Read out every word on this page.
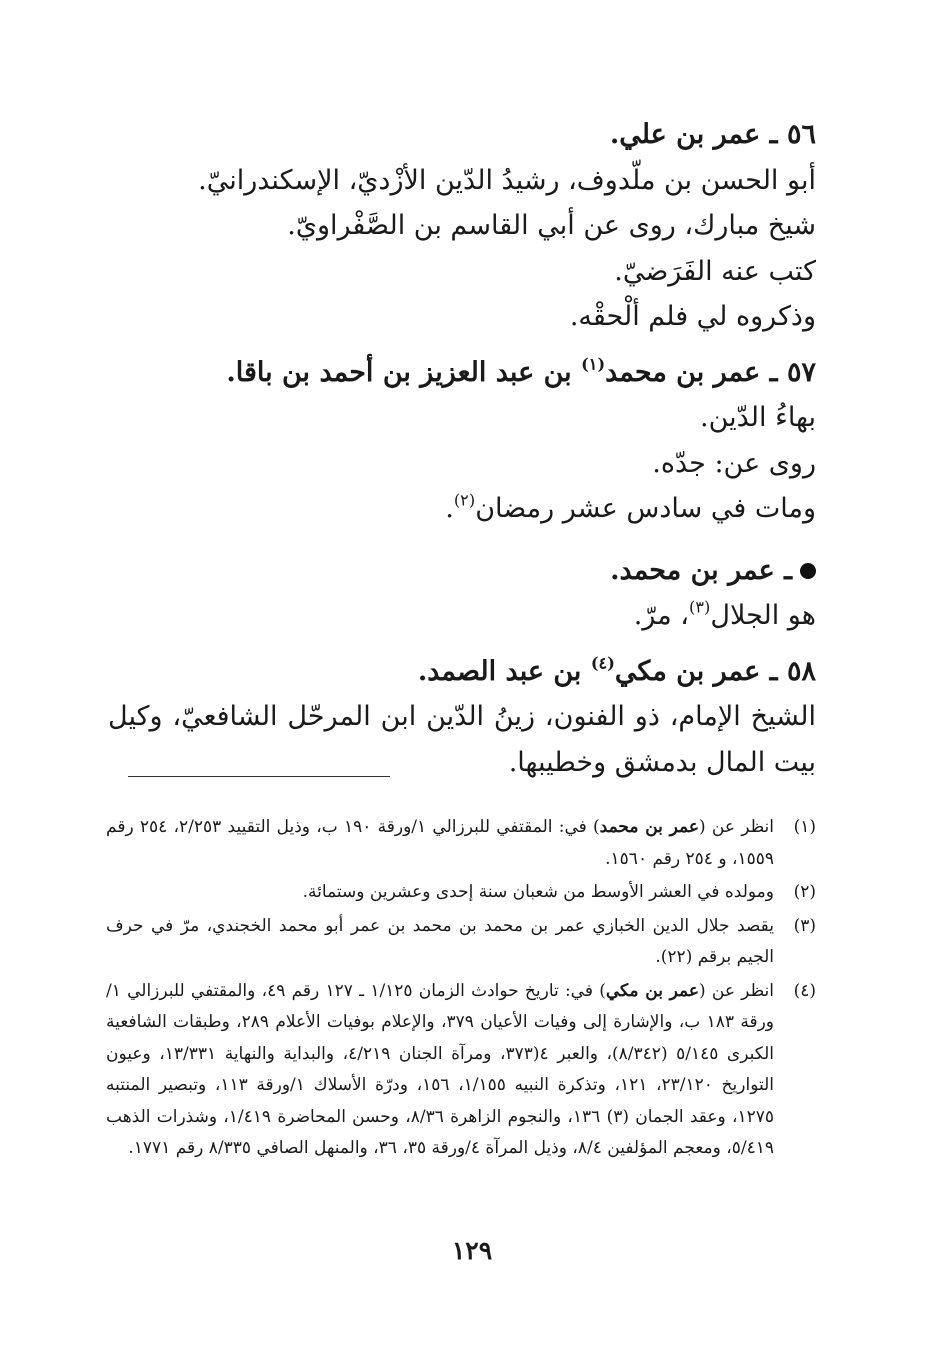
٥٦ ـ عمر بن علي.

أبو الحسن بن ملّدوف، رشيدُ الدّين الأزْديّ، الإسكندرانيّ.

شيخ مبارك، روى عن أبي القاسم بن الصَّفْراويّ.

كتب عنه الفَرَضيّ.

وذكروه لي فلم ألْحقْه.

٥٧ ـ عمر بن محمد$^{(١)}$ بن عبد العزيز بن أحمد بن باقا.

بهاءُ الدّين.

روى عن: جدّه.

ومات في سادس عشر رمضان$^{(٢)}$.

ـ عمر بن محمد.

هو الجلال$^{(٣)}$، مرّ.

٥٨ ـ عمر بن مكي$^{(٤)}$ بن عبد الصمد.

الشيخ الإمام، ذو الفنون، زينُ الدّين ابن المرحّل الشافعيّ، وكيل بيت المال بدمشق وخطيبها.

(١)
انظر عن (عمر بن محمد) في: المقتفي للبرزالي ١/ورقة ١٩٠ ب، وذيل التقييد ٢/٢٥٣، ٢٥٤ رقم ١٥٥٩، و ٢٥٤ رقم ١٥٦٠.
(٢)
ومولده في العشر الأوسط من شعبان سنة إحدى وعشرين وستمائة.
(٣)
يقصد جلال الدين الخبازي عمر بن محمد بن محمد بن عمر أبو محمد الخجندي، مرّ في حرف الجيم برقم (٢٢).
(٤)
انظر عن (عمر بن مكي) في: تاريخ حوادث الزمان ١/١٢٥ ـ ١٢٧ رقم ٤٩، والمقتفي للبرزالي ١/ورقة ١٨٣ ب، والإشارة إلى وفيات الأعيان ٣٧٩، والإعلام بوفيات الأعلام ٢٨٩، وطبقات الشافعية الكبرى ٥/١٤٥ (٨/٣٤٢)، والعبر ٤(٣٧٣، ومرآة الجنان ٤/٢١٩، والبداية والنهاية ١٣/٣٣١، وعيون التواريخ ٢٣/١٢٠، ١٢١، وتذكرة النبيه ١/١٥٥، ١٥٦، ودرّة الأسلاك ١/ورقة ١١٣، وتبصير المنتبه ١٢٧٥، وعقد الجمان (٣) ١٣٦، والنجوم الزاهرة ٨/٣٦، وحسن المحاضرة ١/٤١٩، وشذرات الذهب ٥/٤١٩، ومعجم المؤلفين ٨/٤، وذيل المرآة ٤/ورقة ٣٥، ٣٦، والمنهل الصافي ٨/٣٣٥ رقم ١٧٧١.
١٢٩
